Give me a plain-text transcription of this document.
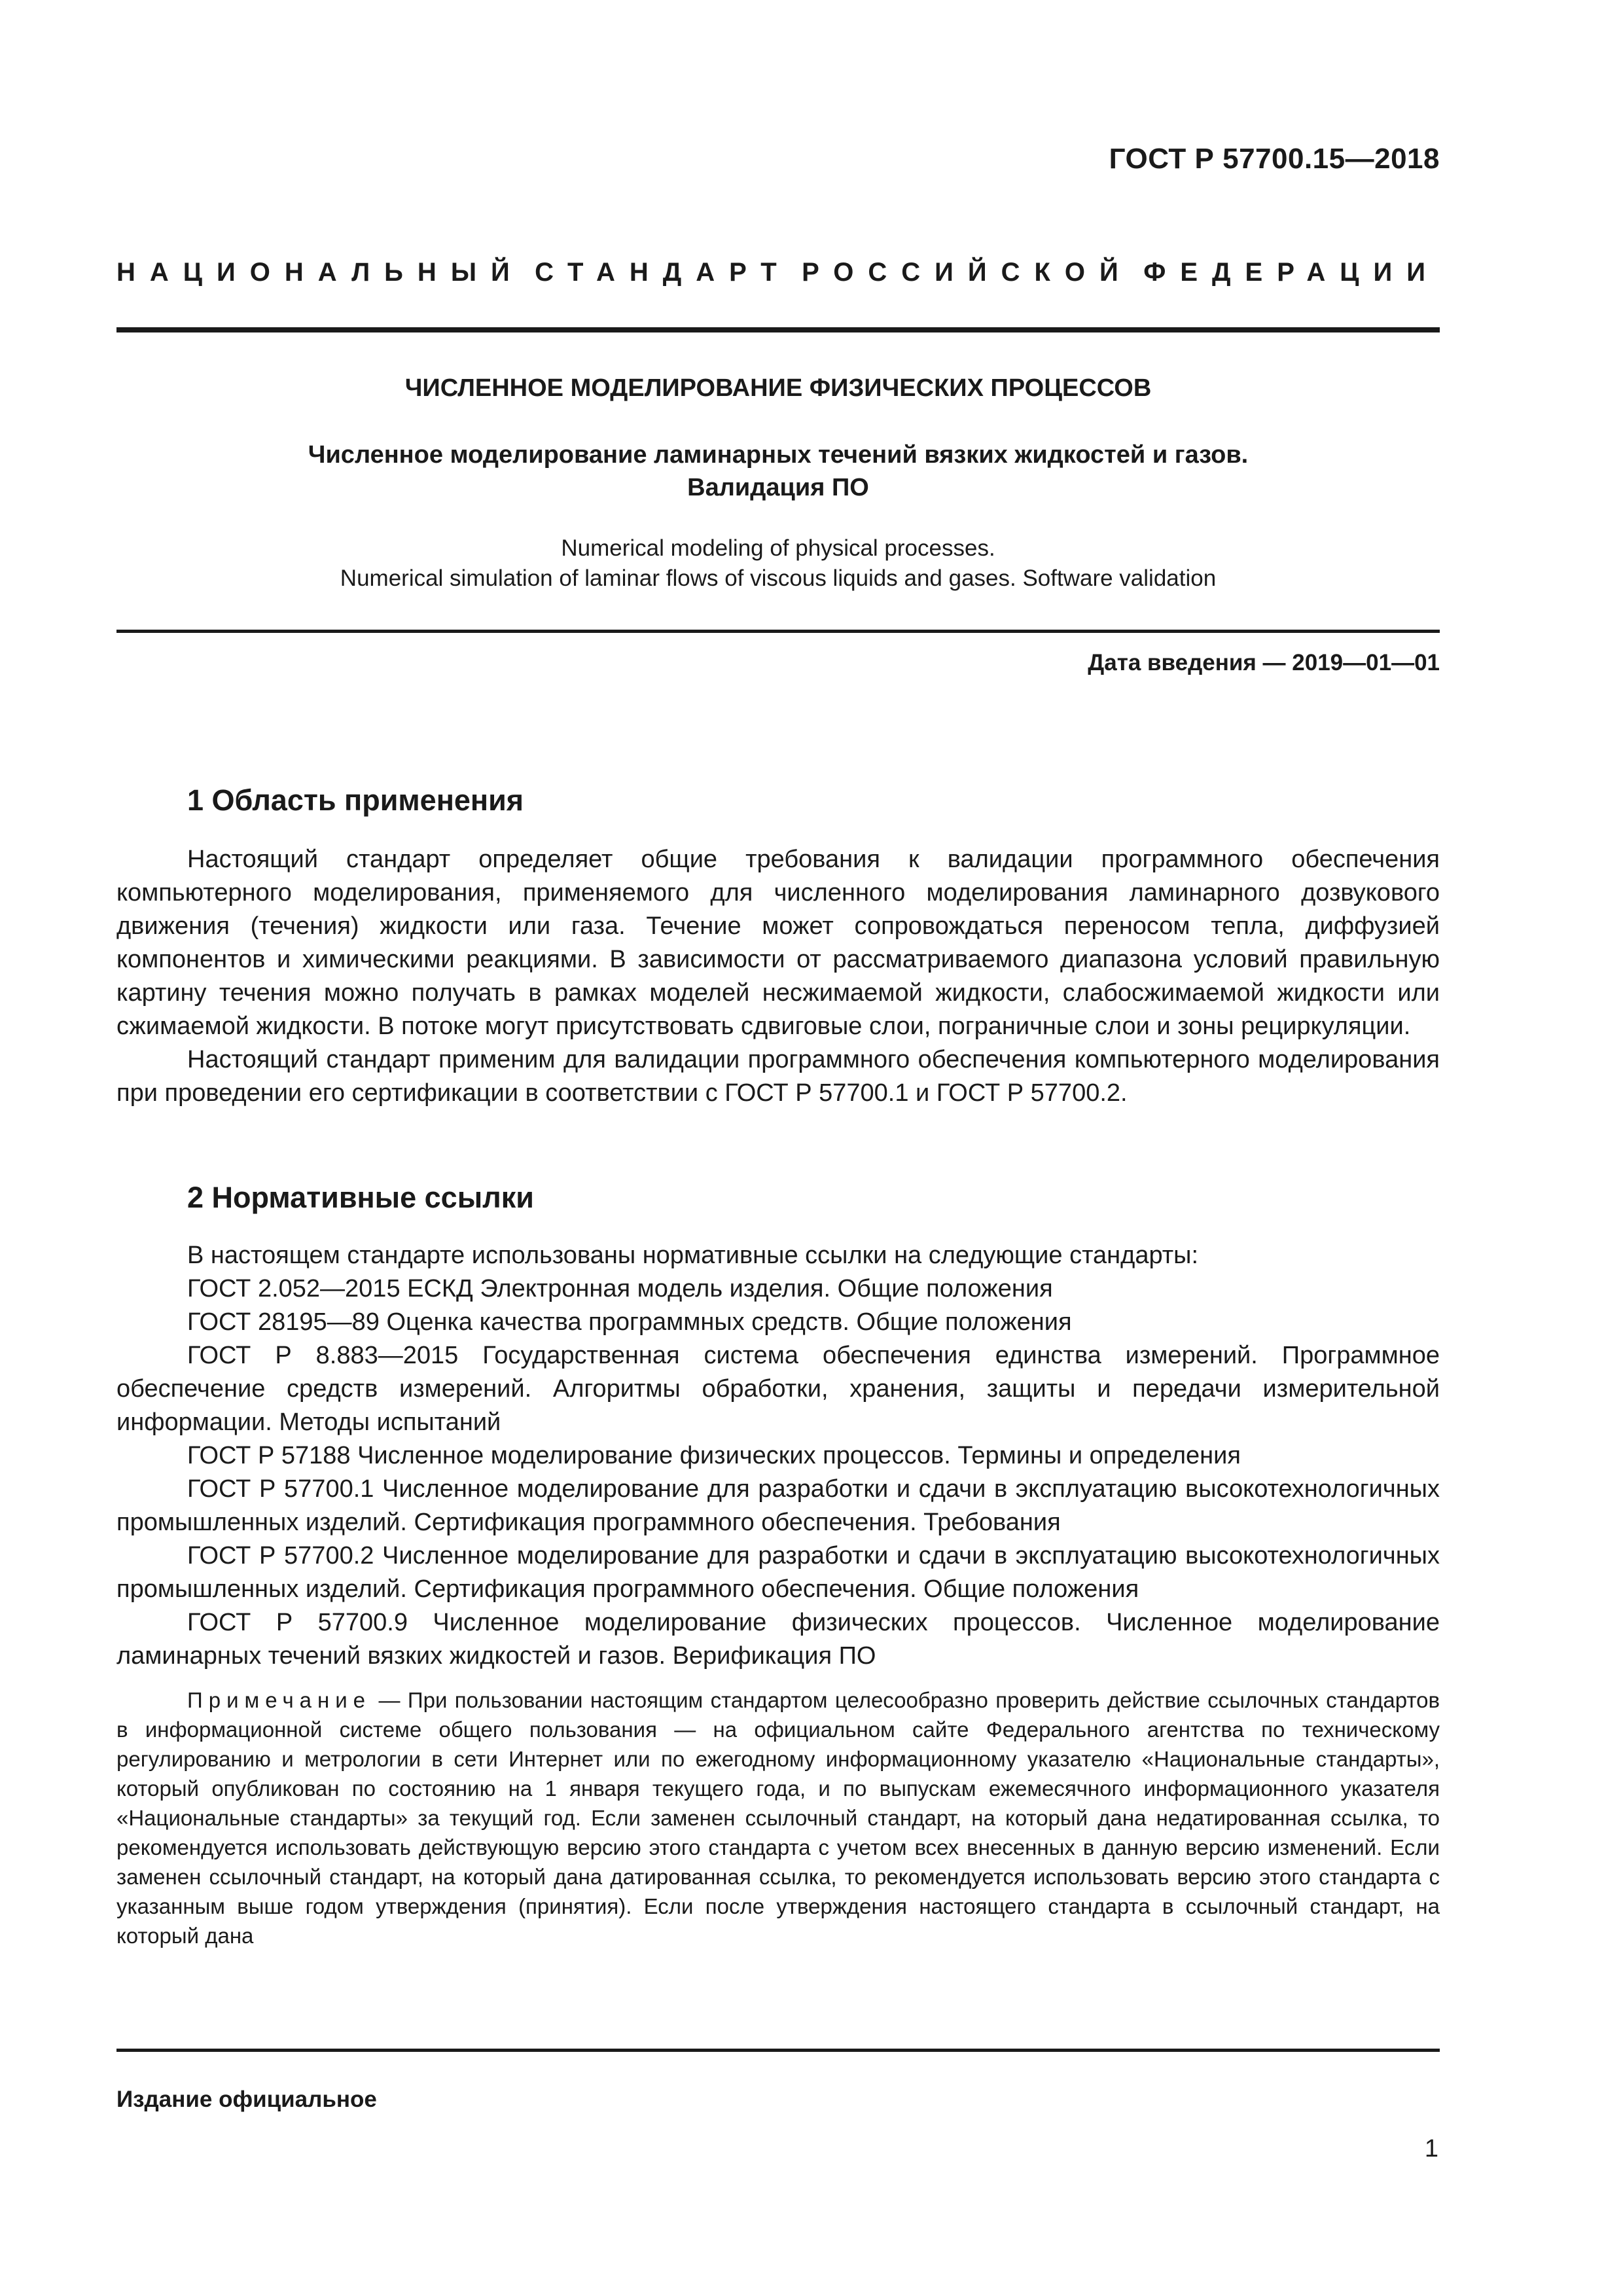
ГОСТ Р 57700.15—2018
НАЦИОНАЛЬНЫЙ СТАНДАРТ РОССИЙСКОЙ ФЕДЕРАЦИИ
ЧИСЛЕННОЕ МОДЕЛИРОВАНИЕ ФИЗИЧЕСКИХ ПРОЦЕССОВ
Численное моделирование ламинарных течений вязких жидкостей и газов.
Валидация ПО
Numerical modeling of physical processes.
Numerical simulation of laminar flows of viscous liquids and gases. Software validation
Дата введения — 2019—01—01
1 Область применения

Настоящий стандарт определяет общие требования к валидации программного обеспечения компьютерного моделирования, применяемого для численного моделирования ламинарного дозвукового движения (течения) жидкости или газа. Течение может сопровождаться переносом тепла, диффузией компонентов и химическими реакциями. В зависимости от рассматриваемого диапазона условий правильную картину течения можно получать в рамках моделей несжимаемой жидкости, слабосжимаемой жидкости или сжимаемой жидкости. В потоке могут присутствовать сдвиговые слои, пограничные слои и зоны рециркуляции.

Настоящий стандарт применим для валидации программного обеспечения компьютерного моделирования при проведении его сертификации в соответствии с ГОСТ Р 57700.1 и ГОСТ Р 57700.2.

2 Нормативные ссылки

В настоящем стандарте использованы нормативные ссылки на следующие стандарты:

ГОСТ 2.052—2015 ЕСКД Электронная модель изделия. Общие положения

ГОСТ 28195—89 Оценка качества программных средств. Общие положения

ГОСТ Р 8.883—2015 Государственная система обеспечения единства измерений. Программное обеспечение средств измерений. Алгоритмы обработки, хранения, защиты и передачи измерительной информации. Методы испытаний

ГОСТ Р 57188 Численное моделирование физических процессов. Термины и определения

ГОСТ Р 57700.1 Численное моделирование для разработки и сдачи в эксплуатацию высокотехнологичных промышленных изделий. Сертификация программного обеспечения. Требования

ГОСТ Р 57700.2 Численное моделирование для разработки и сдачи в эксплуатацию высокотехнологичных промышленных изделий. Сертификация программного обеспечения. Общие положения

ГОСТ Р 57700.9 Численное моделирование физических процессов. Численное моделирование ламинарных течений вязких жидкостей и газов. Верификация ПО

Примечание — При пользовании настоящим стандартом целесообразно проверить действие ссылочных стандартов в информационной системе общего пользования — на официальном сайте Федерального агентства по техническому регулированию и метрологии в сети Интернет или по ежегодному информационному указателю «Национальные стандарты», который опубликован по состоянию на 1 января текущего года, и по выпускам ежемесячного информационного указателя «Национальные стандарты» за текущий год. Если заменен ссылочный стандарт, на который дана недатированная ссылка, то рекомендуется использовать действующую версию этого стандарта с учетом всех внесенных в данную версию изменений. Если заменен ссылочный стандарт, на который дана датированная ссылка, то рекомендуется использовать версию этого стандарта с указанным выше годом утверждения (принятия). Если после утверждения настоящего стандарта в ссылочный стандарт, на который дана
Издание официальное
1
